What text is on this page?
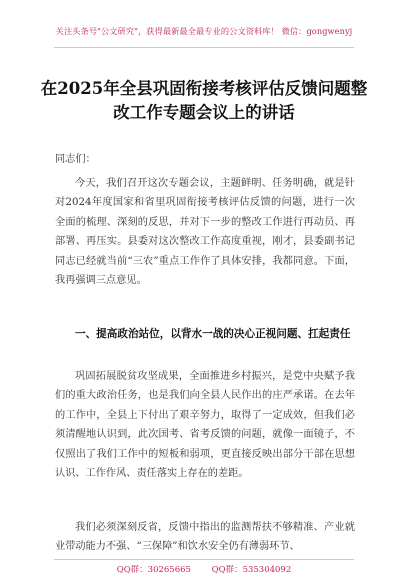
关注头条号"公文研究"，获得最新最全最专业的公文资料库！ 微信：gongwenyj
在2025年全县巩固衔接考核评估反馈问题整改工作专题会议上的讲话
同志们：
今天，我们召开这次专题会议，主题鲜明、任务明确，就是针对2024年度国家和省里巩固衔接考核评估反馈的问题，进行一次全面的梳理、深刻的反思，并对下一步的整改工作进行再动员、再部署、再压实。县委对这次整改工作高度重视，刚才，县委副书记同志已经就当前“三农”重点工作作了具体安排，我都同意。下面，我再强调三点意见。
一、提高政治站位，以背水一战的决心正视问题、扛起责任
巩固拓展脱贫攻坚成果，全面推进乡村振兴，是党中央赋予我们的重大政治任务，也是我们向全县人民作出的庄严承诺。在去年的工作中，全县上下付出了艰辛努力，取得了一定成效，但我们必须清醒地认识到，此次国考、省考反馈的问题，就像一面镜子，不仅照出了我们工作中的短板和弱项，更直接反映出部分干部在思想认识、工作作风、责任落实上存在的差距。
我们必须深刻反省，反馈中指出的监测帮扶不够精准、产业就业带动能力不强、“三保障”和饮水安全仍有薄弱环节、
QQ群：30265665 QQ群：535304092
